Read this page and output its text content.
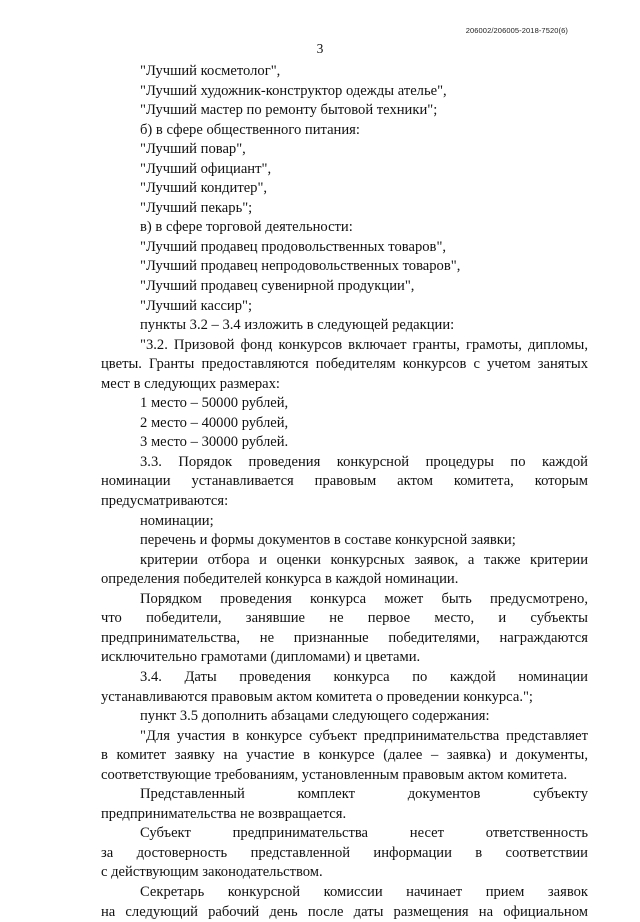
206002/206005-2018-7520(6)
3
"Лучший косметолог",
"Лучший художник-конструктор одежды ателье",
"Лучший мастер по ремонту бытовой техники";
б) в сфере общественного питания:
"Лучший повар",
"Лучший официант",
"Лучший кондитер",
"Лучший пекарь";
в) в сфере торговой деятельности:
"Лучший продавец продовольственных товаров",
"Лучший продавец непродовольственных товаров",
"Лучший продавец сувенирной продукции",
"Лучший кассир";
пункты 3.2 – 3.4 изложить в следующей редакции:
"3.2. Призовой фонд конкурсов включает гранты, грамоты, дипломы,
цветы. Гранты предоставляются победителям конкурсов с учетом занятых
мест в следующих размерах:
1 место – 50000 рублей,
2 место – 40000 рублей,
3 место – 30000 рублей.
3.3. Порядок проведения конкурсной процедуры по каждой
номинации устанавливается правовым актом комитета, которым
предусматриваются:
номинации;
перечень и формы документов в составе конкурсной заявки;
критерии отбора и оценки конкурсных заявок, а также критерии
определения победителей конкурса в каждой номинации.
Порядком проведения конкурса может быть предусмотрено,
что победители, занявшие не первое место, и субъекты
предпринимательства, не признанные победителями, награждаются
исключительно грамотами (дипломами) и цветами.
3.4. Даты проведения конкурса по каждой номинации
устанавливаются правовым актом комитета о проведении конкурса.";
пункт 3.5 дополнить абзацами следующего содержания:
"Для участия в конкурсе субъект предпринимательства представляет
в комитет заявку на участие в конкурсе (далее – заявка) и документы,
соответствующие требованиям, установленным правовым актом комитета.
Представленный комплект документов субъекту
предпринимательства не возвращается.
Субъект предпринимательства несет ответственность
за достоверность представленной информации в соответствии
с действующим законодательством.
Секретарь конкурсной комиссии начинает прием заявок
на следующий рабочий день после даты размещения на официальном
